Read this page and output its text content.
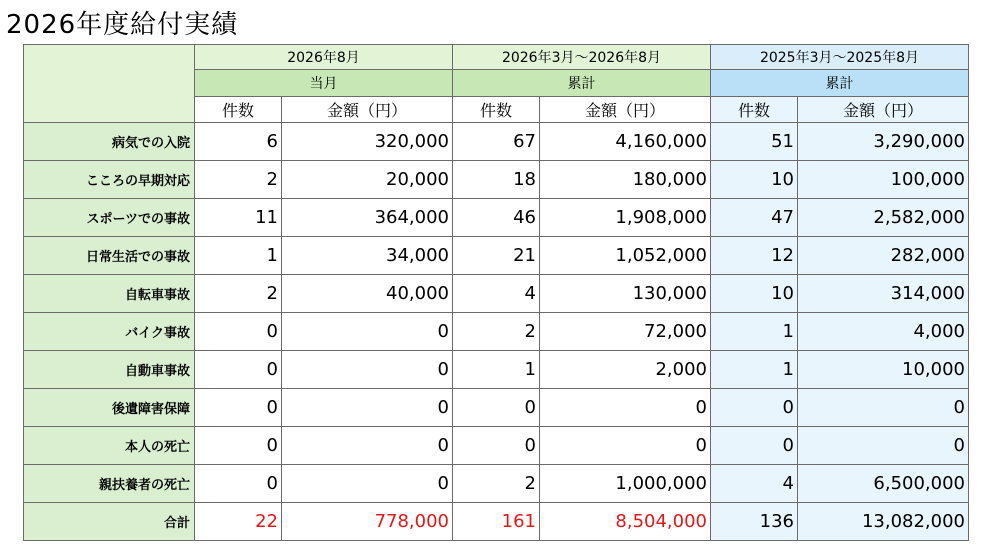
2026年度給付実績
	2026年8月		2026年3月～2026年8月		2025年3月～2025年8月	
	当月		累計		累計	
	件数	金額（円）	件数	金額（円）	件数	金額（円）
病気での入院	6	320,000	67	4,160,000	51	3,290,000
こころの早期対応	2	20,000	18	180,000	10	100,000
スポーツでの事故	11	364,000	46	1,908,000	47	2,582,000
日常生活での事故	1	34,000	21	1,052,000	12	282,000
自転車事故	2	40,000	4	130,000	10	314,000
バイク事故	0	0	2	72,000	1	4,000
自動車事故	0	0	1	2,000	1	10,000
後遺障害保障	0	0	0	0	0	0
本人の死亡	0	0	0	0	0	0
親扶養者の死亡	0	0	2	1,000,000	4	6,500,000
合計	22	778,000	161	8,504,000	136	13,082,000
